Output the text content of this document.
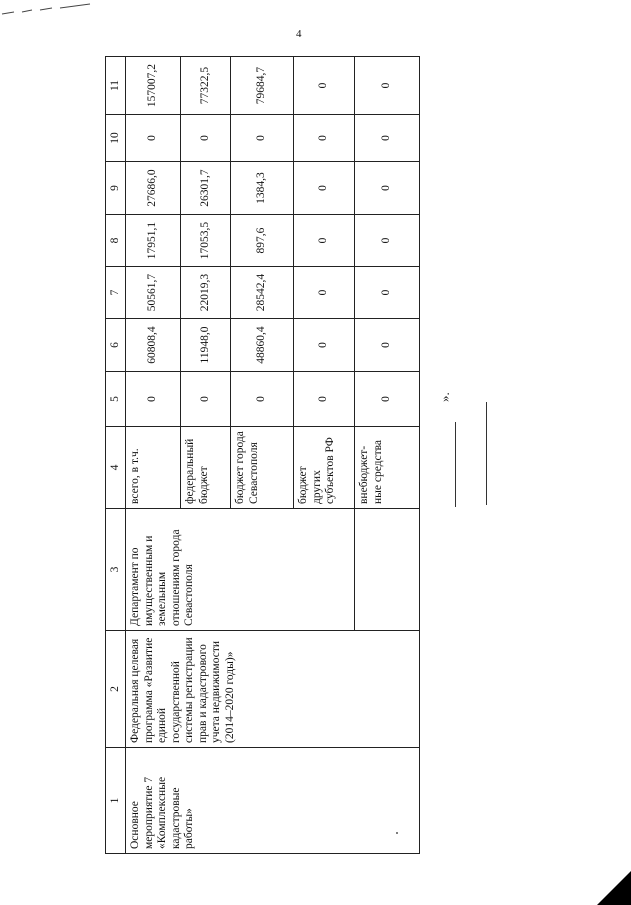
4
1	2	3	4	5	6	7	8	9	10	11
Основное мероприятие 7 «Комплексные кадастровые работы»	Федеральная целевая программа «Развитие единой государственной системы регистрации прав и кадастрового учета недвижимости (2014–2020 годы)»	Департамент по имущественным и земельным отношениям города Севастополя	всего, в т.ч.	0	60808,4	50561,7	17951,1	27686,0	0	157007,2
			федеральный бюджет	0	11948,0	22019,3	17053,5	26301,7	0	77322,5
			бюджет города Севастополя	0	48860,4	28542,4	897,6	1384,3	0	79684,7
			бюджет других субъектов РФ	0	0	0	0	0	0	0
			внебюджет-ные средства	0	0	0	0	0	0	0
».
